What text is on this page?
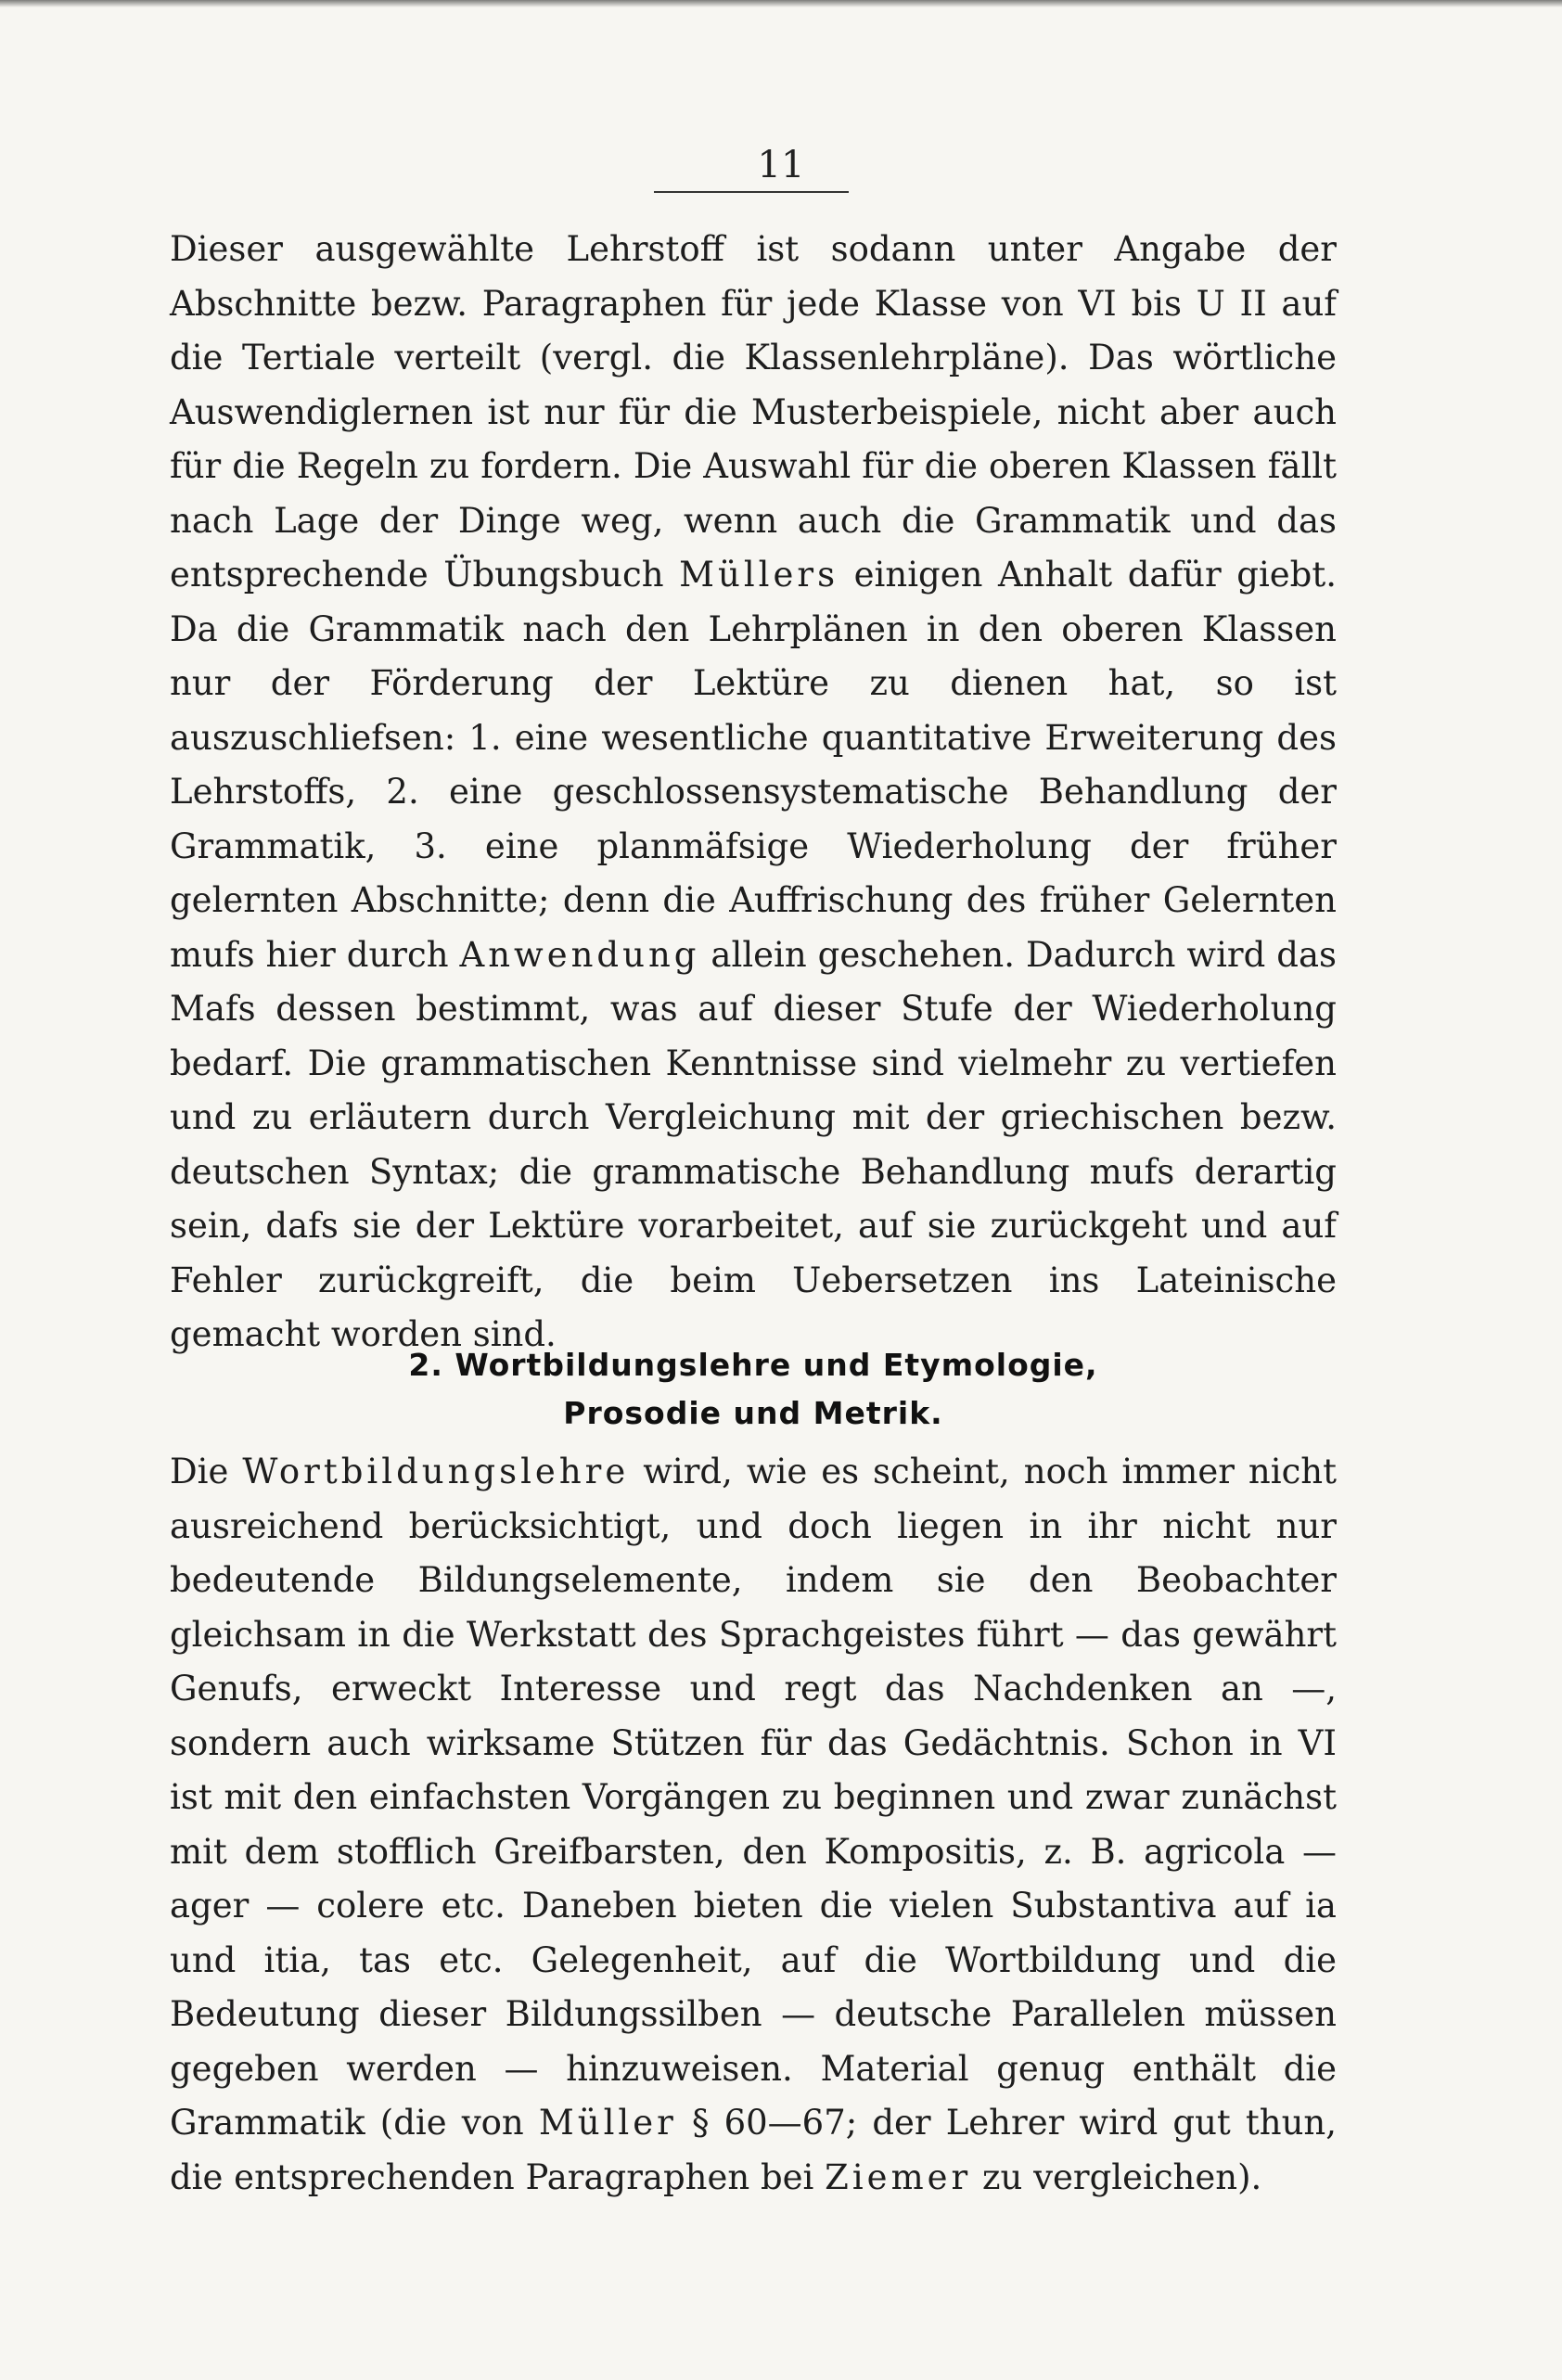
11

Dieser ausgewählte Lehrstoff ist sodann unter Angabe der Abschnitte bezw. Paragraphen für jede Klasse von VI bis U II auf die Tertiale verteilt (vergl. die Klassenlehrpläne). Das wörtliche Auswendiglernen ist nur für die Musterbeispiele, nicht aber auch für die Regeln zu fordern. Die Auswahl für die oberen Klassen fällt nach Lage der Dinge weg, wenn auch die Grammatik und das entsprechende Übungsbuch Müllers einigen Anhalt dafür giebt. Da die Grammatik nach den Lehrplänen in den oberen Klassen nur der Förderung der Lektüre zu dienen hat, so ist auszuschliefsen: 1. eine wesentliche quantitative Erweiterung des Lehrstoffs, 2. eine geschlossensystematische Behandlung der Grammatik, 3. eine planmäfsige Wiederholung der früher gelernten Abschnitte; denn die Auffrischung des früher Gelernten mufs hier durch Anwendung allein geschehen. Dadurch wird das Mafs dessen bestimmt, was auf dieser Stufe der Wiederholung bedarf. Die grammatischen Kenntnisse sind vielmehr zu vertiefen und zu erläutern durch Vergleichung mit der griechischen bezw. deutschen Syntax; die grammatische Behandlung mufs derartig sein, dafs sie der Lektüre vorarbeitet, auf sie zurückgeht und auf Fehler zurückgreift, die beim Uebersetzen ins Lateinische gemacht worden sind.

2. Wortbildungslehre und Etymologie,
Prosodie und Metrik.

Die Wortbildungslehre wird, wie es scheint, noch immer nicht ausreichend berücksichtigt, und doch liegen in ihr nicht nur bedeutende Bildungselemente, indem sie den Beobachter gleichsam in die Werkstatt des Sprachgeistes führt — das gewährt Genufs, erweckt Interesse und regt das Nachdenken an —, sondern auch wirksame Stützen für das Gedächtnis. Schon in VI ist mit den einfachsten Vorgängen zu beginnen und zwar zunächst mit dem stofflich Greifbarsten, den Kompositis, z. B. agricola — ager — colere etc. Daneben bieten die vielen Substantiva auf ia und itia, tas etc. Gelegenheit, auf die Wortbildung und die Bedeutung dieser Bildungssilben — deutsche Parallelen müssen gegeben werden — hinzuweisen. Material genug enthält die Grammatik (die von Müller § 60—67; der Lehrer wird gut thun, die entsprechenden Paragraphen bei Ziemer zu vergleichen).
